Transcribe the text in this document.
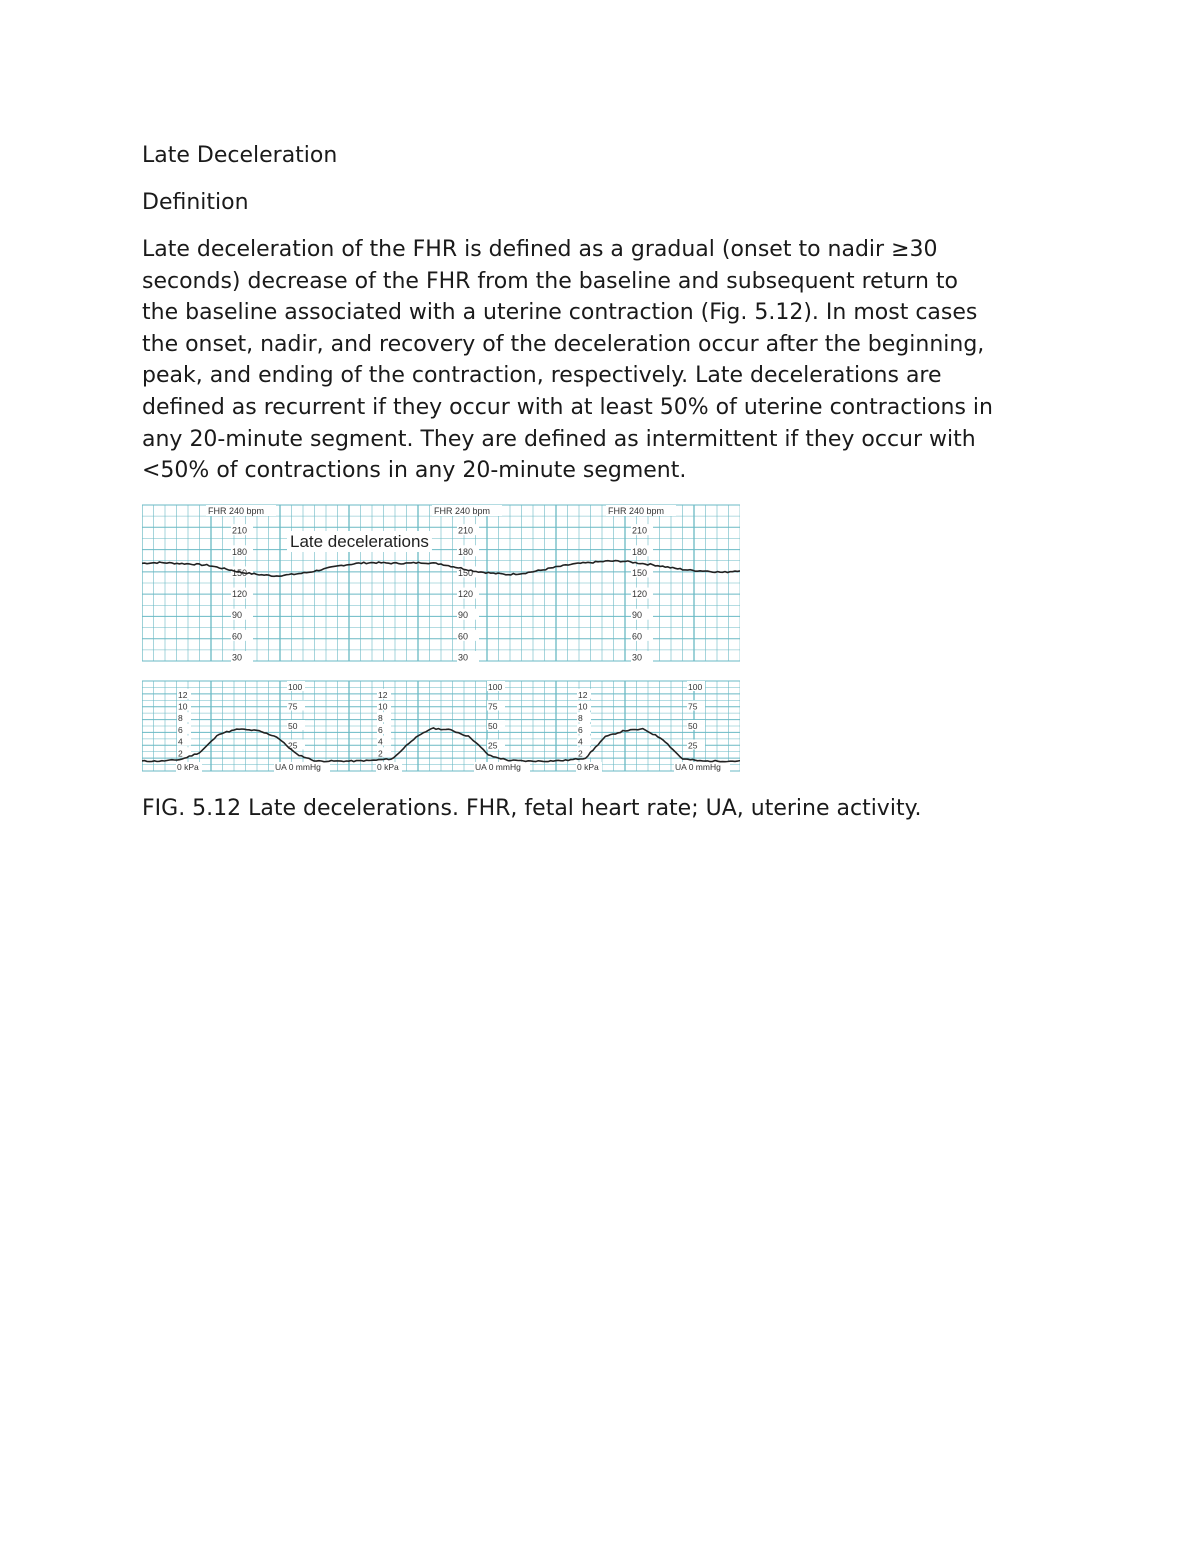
Late Deceleration
Definition

Late deceleration of the FHR is defined as a gradual (onset to nadir ≥30
seconds) decrease of the FHR from the baseline and subsequent return to
the baseline associated with a uterine contraction (Fig. 5.12). In most cases
the onset, nadir, and recovery of the deceleration occur after the beginning,
peak, and ending of the contraction, respectively. Late decelerations are
defined as recurrent if they occur with at least 50% of uterine contractions in
any 20-minute segment. They are defined as intermittent if they occur with
<50% of contractions in any 20-minute segment.

FHR 240 bpm
210
180
150
120
90
60
30
FHR 240 bpm
210
180
150
120
90
60
30
FHR 240 bpm
210
180
150
120
90
60
30
Late decelerations
12
10
8
6
4
2
0 kPa
12
10
8
6
4
2
0 kPa
12
10
8
6
4
2
0 kPa
100
75
50
25
UA 0 mmHg
100
75
50
25
UA 0 mmHg
100
75
50
25
UA 0 mmHg
FIG. 5.12 Late decelerations. FHR, fetal heart rate; UA, uterine activity.
